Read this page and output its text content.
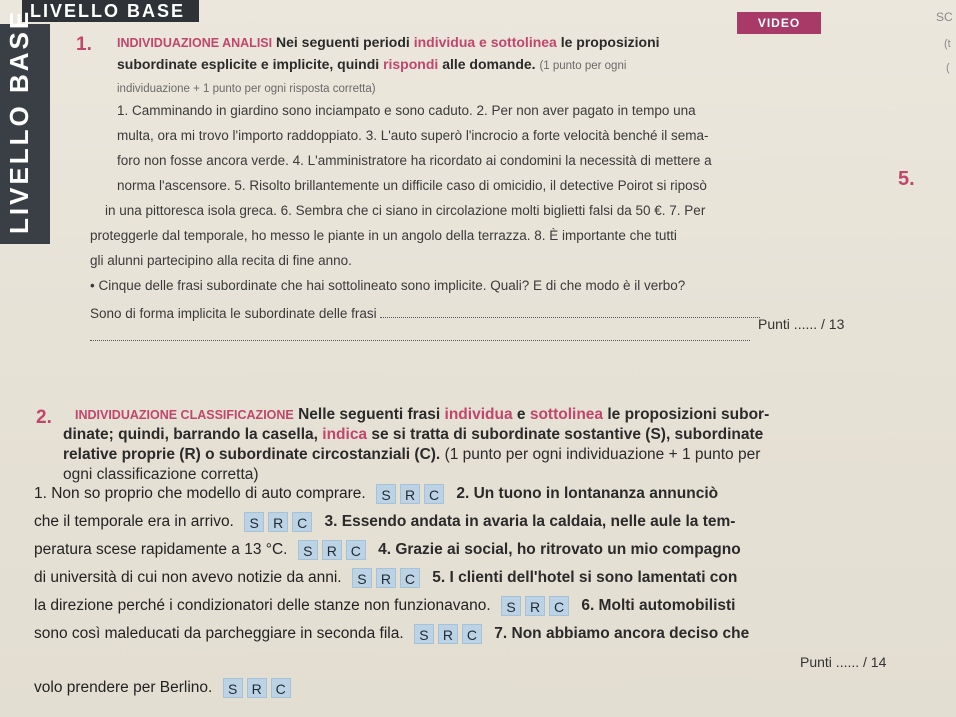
LIVELLO BASE
LIVELLO BASE	VIDEO	SC
(t
(
5.
1. INDIVIDUAZIONE ANALISI Nei seguenti periodi individua e sottolinea le proposizioni
subordinate esplicite e implicite, quindi rispondi alle domande. (1 punto per ogni
individuazione + 1 punto per ogni risposta corretta)
1. Camminando in giardino sono inciampato e sono caduto. 2. Per non aver pagato in tempo una
multa, ora mi trovo l'importo raddoppiato. 3. L'auto superò l'incrocio a forte velocità benché il sema-
foro non fosse ancora verde. 4. L'amministratore ha ricordato ai condomini la necessità di mettere a
norma l'ascensore. 5. Risolto brillantemente un difficile caso di omicidio, il detective Poirot si riposò
in una pittoresca isola greca. 6. Sembra che ci siano in circolazione molti biglietti falsi da 50 €. 7. Per
proteggerle dal temporale, ho messo le piante in un angolo della terrazza. 8. È importante che tutti
gli alunni partecipino alla recita di fine anno.
• Cinque delle frasi subordinate che hai sottolineato sono implicite. Quali? E di che modo è il verbo?
Sono di forma implicita le subordinate delle frasi
Punti ...... / 13
2. INDIVIDUAZIONE CLASSIFICAZIONE Nelle seguenti frasi individua e sottolinea le proposizioni subor-
dinate; quindi, barrando la casella, indica se si tratta di subordinate sostantive (S), subordinate
relative proprie (R) o subordinate circostanziali (C). (1 punto per ogni individuazione + 1 punto per
ogni classificazione corretta)
1. Non so proprio che modello di auto comprare. S R C 2. Un tuono in lontananza annunciò
che il temporale era in arrivo. S R C 3. Essendo andata in avaria la caldaia, nelle aule la tem-
peratura scese rapidamente a 13 °C. S R C 4. Grazie ai social, ho ritrovato un mio compagno
di università di cui non avevo notizie da anni. S R C 5. I clienti dell'hotel si sono lamentati con
la direzione perché i condizionatori delle stanze non funzionavano. S R C 6. Molti automobilisti
sono così maleducati da parcheggiare in seconda fila. S R C 7. Non abbiamo ancora deciso che
Punti ...... / 14
volo prendere per Berlino. S R C
